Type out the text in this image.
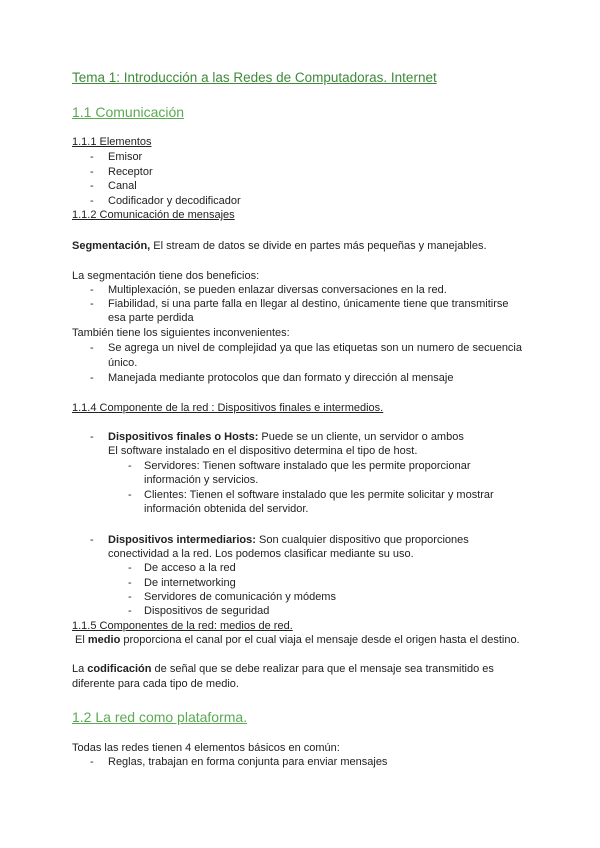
Tema 1: Introducción a las Redes de Computadoras. Internet
1.1 Comunicación
1.1.1 Elementos
- Emisor
- Receptor
- Canal
- Codificador y decodificador
1.1.2 Comunicación de mensajes
Segmentación, El stream de datos se divide en partes más pequeñas y manejables.
La segmentación tiene dos beneficios:
- Multiplexación, se pueden enlazar diversas conversaciones en la red.
- Fiabilidad, si una parte falla en llegar al destino, únicamente tiene que transmitirse
esa parte perdida
También tiene los siguientes inconvenientes:
- Se agrega un nivel de complejidad ya que las etiquetas son un numero de secuencia
único.
- Manejada mediante protocolos que dan formato y dirección al mensaje
1.1.4 Componente de la red : Dispositivos finales e intermedios.
- Dispositivos finales o Hosts: Puede se un cliente, un servidor o ambos
El software instalado en el dispositivo determina el tipo de host.
- Servidores: Tienen software instalado que les permite proporcionar
información y servicios.
- Clientes: Tienen el software instalado que les permite solicitar y mostrar
información obtenida del servidor.
- Dispositivos intermediarios: Son cualquier dispositivo que proporciones
conectividad a la red. Los podemos clasificar mediante su uso.
- De acceso a la red
- De internetworking
- Servidores de comunicación y módems
- Dispositivos de seguridad
1.1.5 Componentes de la red: medios de red.
El medio proporciona el canal por el cual viaja el mensaje desde el origen hasta el destino.
La codificación de señal que se debe realizar para que el mensaje sea transmitido es
diferente para cada tipo de medio.
1.2 La red como plataforma.
Todas las redes tienen 4 elementos básicos en común:
- Reglas, trabajan en forma conjunta para enviar mensajes
